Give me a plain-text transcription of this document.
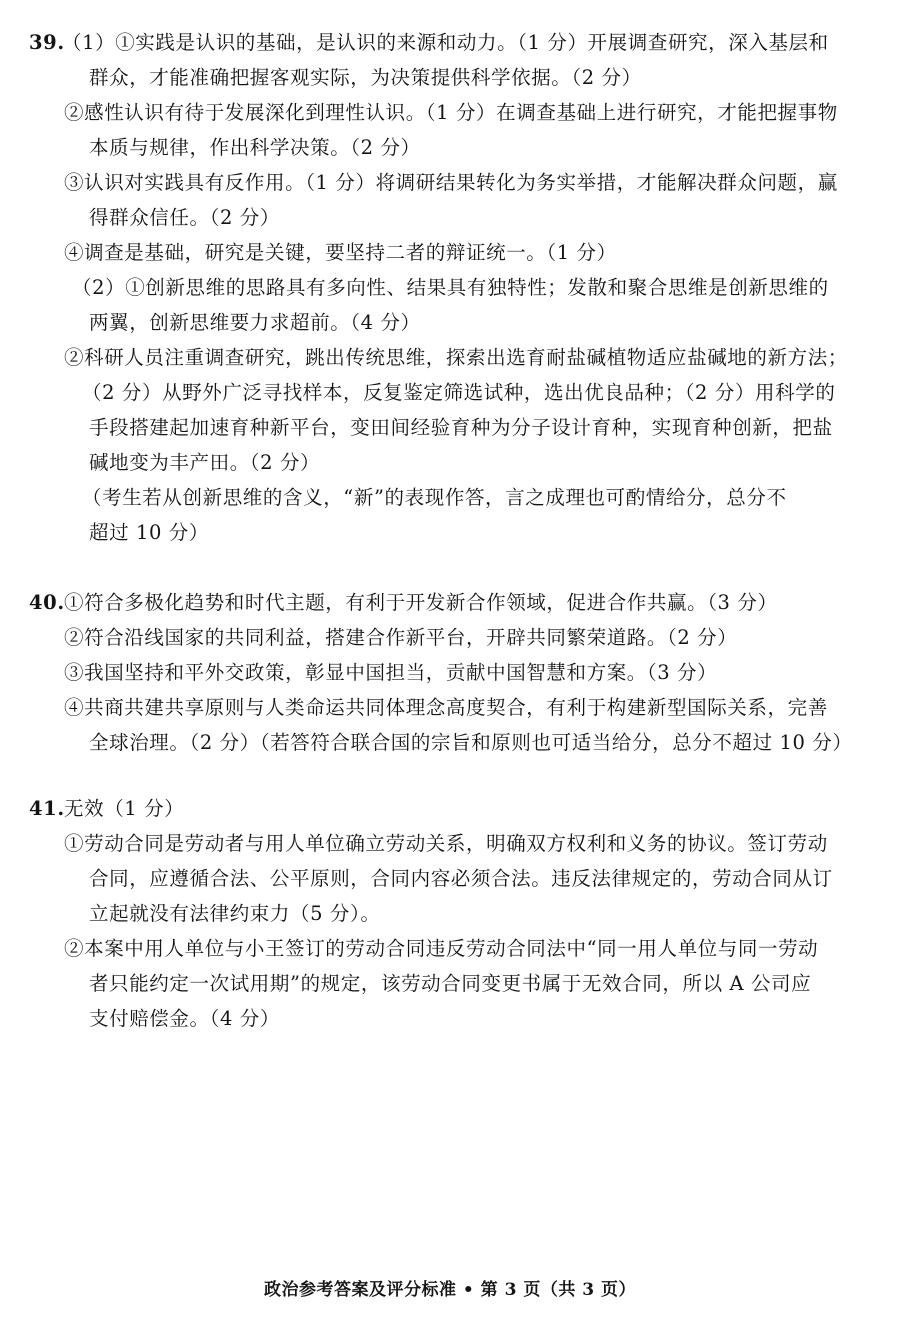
39.
（1）①实践是认识的基础，是认识的来源和动力。（1 分）开展调查研究，深入基层和
群众，才能准确把握客观实际，为决策提供科学依据。（2 分）
②感性认识有待于发展深化到理性认识。（1 分）在调查基础上进行研究，才能把握事物
本质与规律，作出科学决策。（2 分）
③认识对实践具有反作用。（1 分）将调研结果转化为务实举措，才能解决群众问题，赢
得群众信任。（2 分）
④调查是基础，研究是关键，要坚持二者的辩证统一。（1 分）
（2）①创新思维的思路具有多向性、结果具有独特性；发散和聚合思维是创新思维的
两翼，创新思维要力求超前。（4 分）
②科研人员注重调查研究，跳出传统思维，探索出选育耐盐碱植物适应盐碱地的新方法；
（2 分）从野外广泛寻找样本，反复鉴定筛选试种，选出优良品种；（2 分）用科学的
手段搭建起加速育种新平台，变田间经验育种为分子设计育种，实现育种创新，把盐
碱地变为丰产田。（2 分）
（考生若从创新思维的含义，“新”的表现作答，言之成理也可酌情给分，总分不
超过 10 分）
40. ①符合多极化趋势和时代主题，有利于开发新合作领域，促进合作共赢。（3 分）
②符合沿线国家的共同利益，搭建合作新平台，开辟共同繁荣道路。（2 分）
③我国坚持和平外交政策，彰显中国担当，贡献中国智慧和方案。（3 分）
④共商共建共享原则与人类命运共同体理念高度契合，有利于构建新型国际关系，完善
全球治理。（2 分）（若答符合联合国的宗旨和原则也可适当给分，总分不超过 10 分）
41. 无效（1 分）
①劳动合同是劳动者与用人单位确立劳动关系，明确双方权利和义务的协议。签订劳动
合同，应遵循合法、公平原则，合同内容必须合法。违反法律规定的，劳动合同从订
立起就没有法律约束力（5 分）。
②本案中用人单位与小王签订的劳动合同违反劳动合同法中“同一用人单位与同一劳动
者只能约定一次试用期”的规定，该劳动合同变更书属于无效合同，所以 A 公司应
支付赔偿金。（4 分）
政治参考答案及评分标准 • 第 3 页（共 3 页）
